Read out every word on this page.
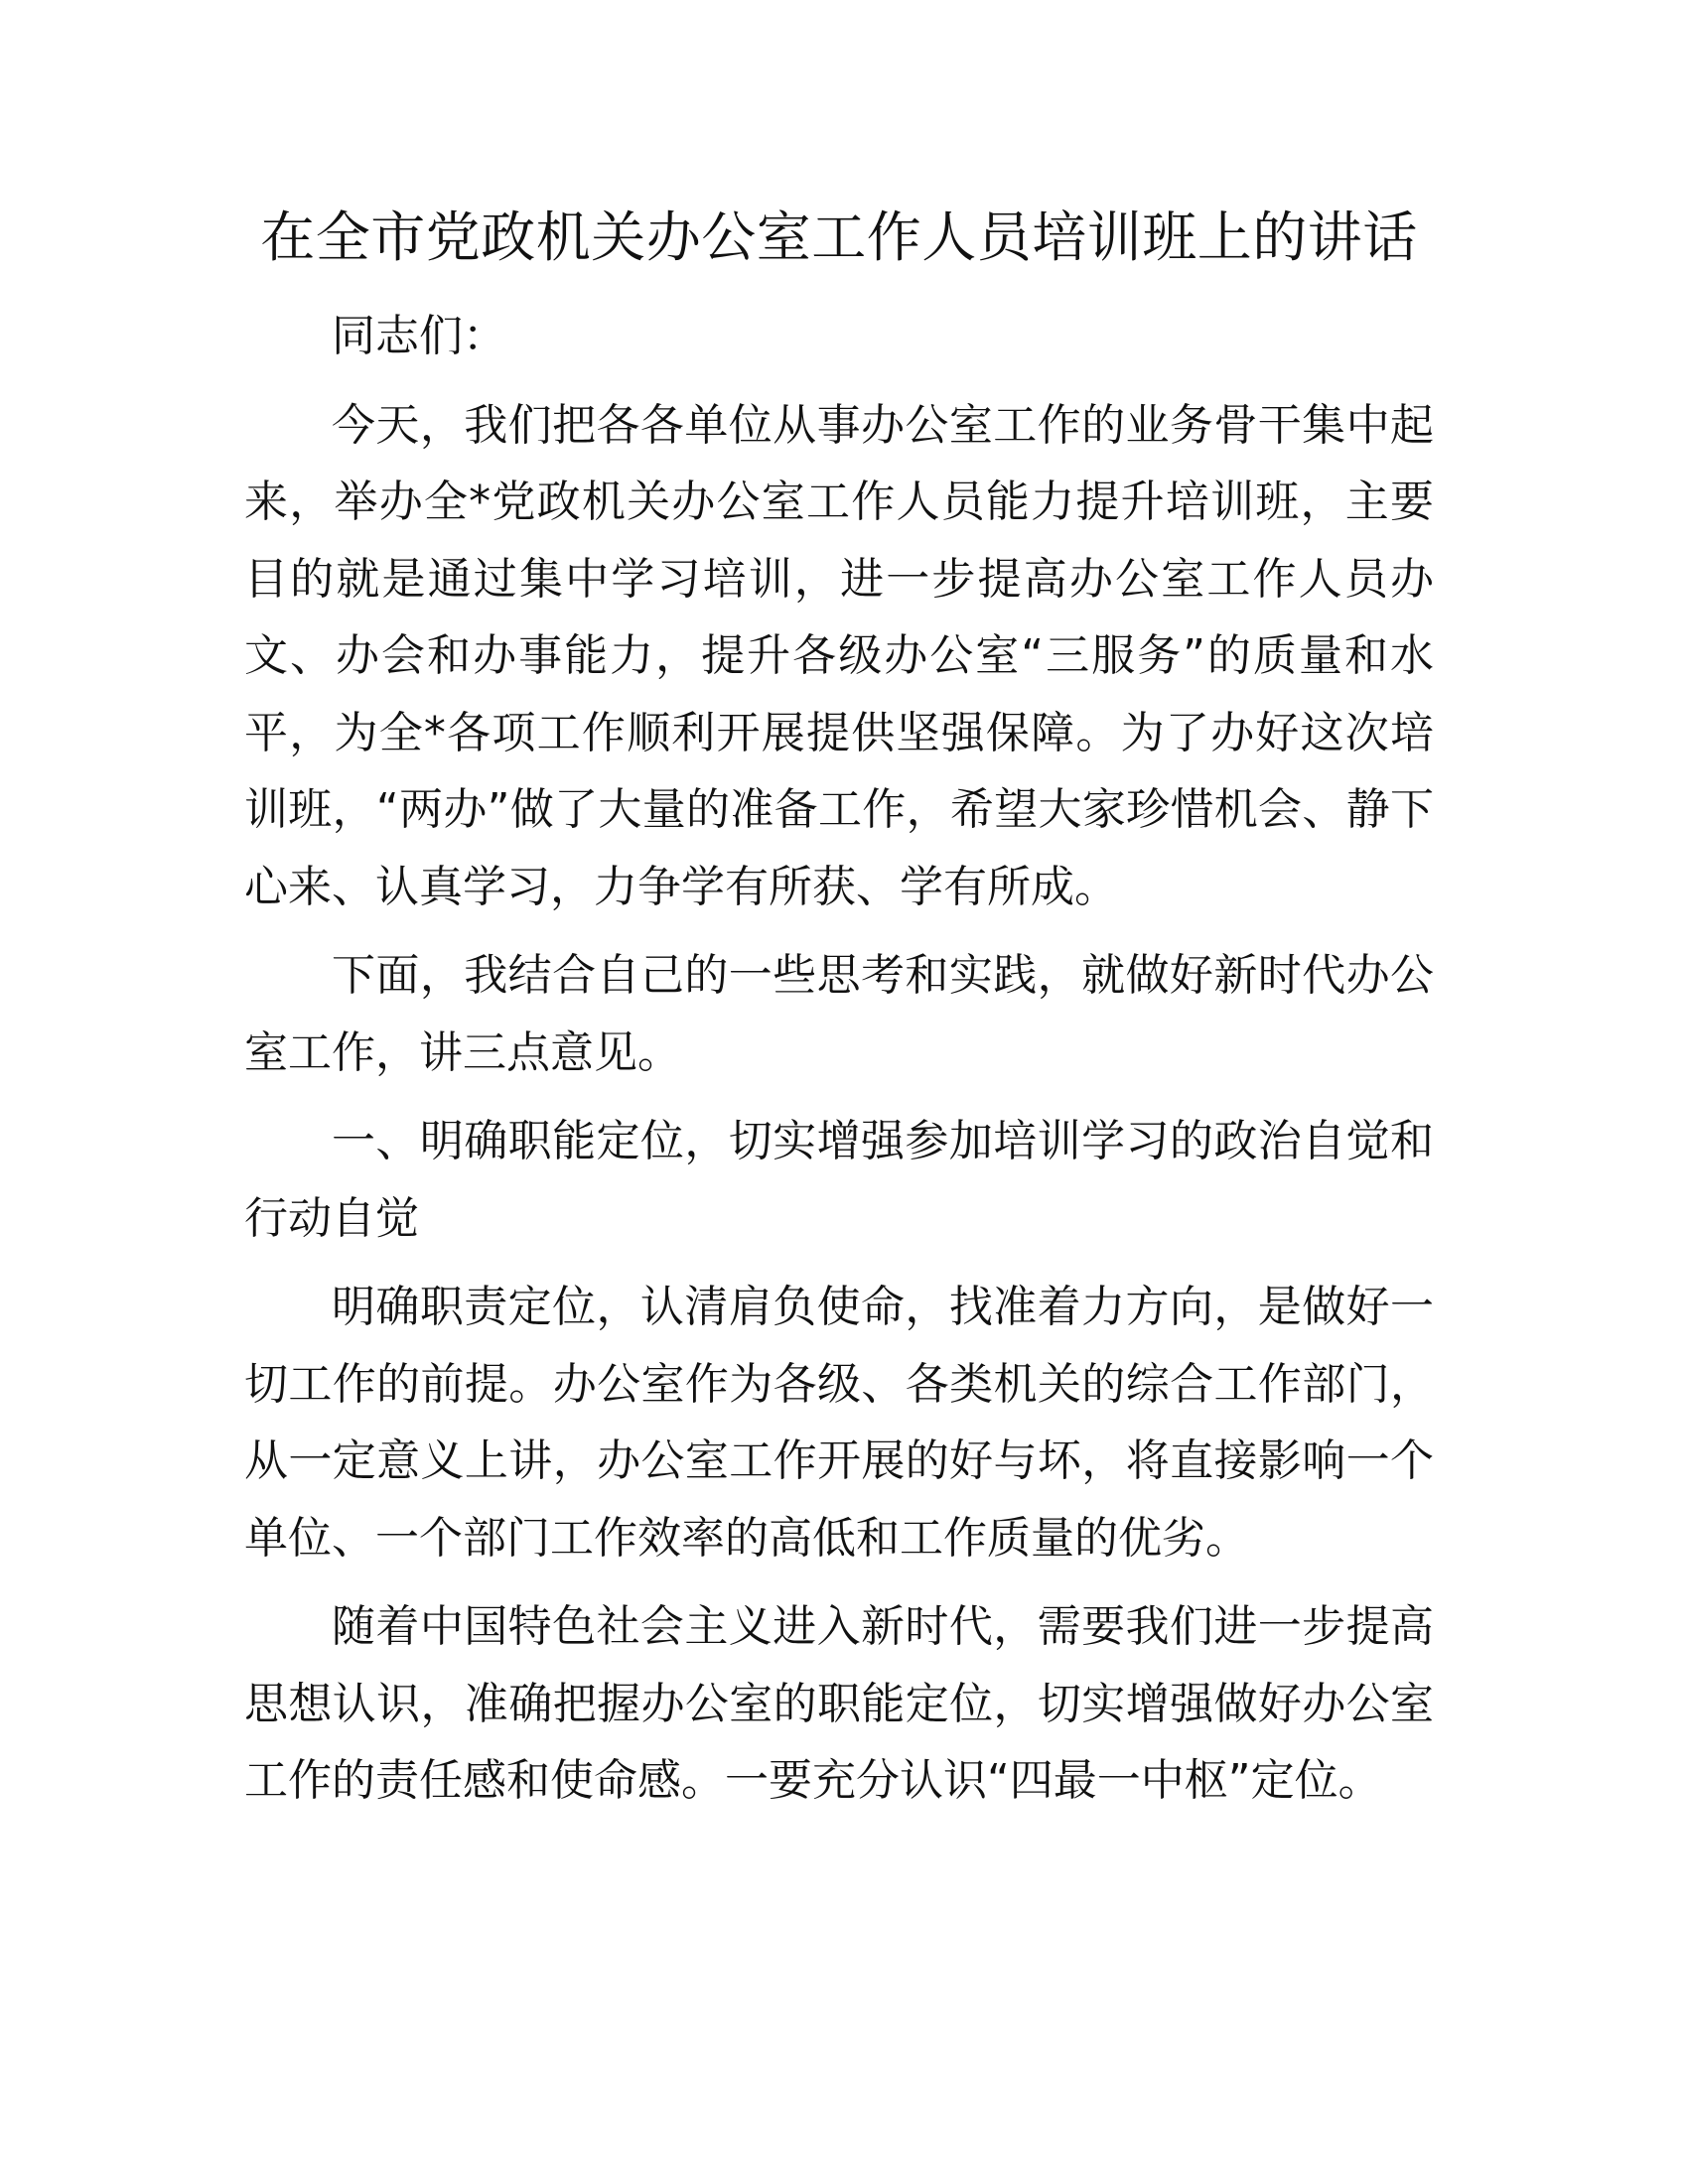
在全市党政机关办公室工作人员培训班上的讲话

同志们：

今天，我们把各各单位从事办公室工作的业务骨干集中起来，举办全*党政机关办公室工作人员能力提升培训班，主要目的就是通过集中学习培训，进一步提高办公室工作人员办文、办会和办事能力，提升各级办公室“三服务”的质量和水平，为全*各项工作顺利开展提供坚强保障。为了办好这次培训班，“两办”做了大量的准备工作，希望大家珍惜机会、静下心来、认真学习，力争学有所获、学有所成。

下面，我结合自己的一些思考和实践，就做好新时代办公室工作，讲三点意见。

一、明确职能定位，切实增强参加培训学习的政治自觉和行动自觉

明确职责定位，认清肩负使命，找准着力方向，是做好一切工作的前提。办公室作为各级、各类机关的综合工作部门，从一定意义上讲，办公室工作开展的好与坏，将直接影响一个单位、一个部门工作效率的高低和工作质量的优劣。

随着中国特色社会主义进入新时代，需要我们进一步提高思想认识，准确把握办公室的职能定位，切实增强做好办公室工作的责任感和使命感。一要充分认识“四最一中枢”定位。
